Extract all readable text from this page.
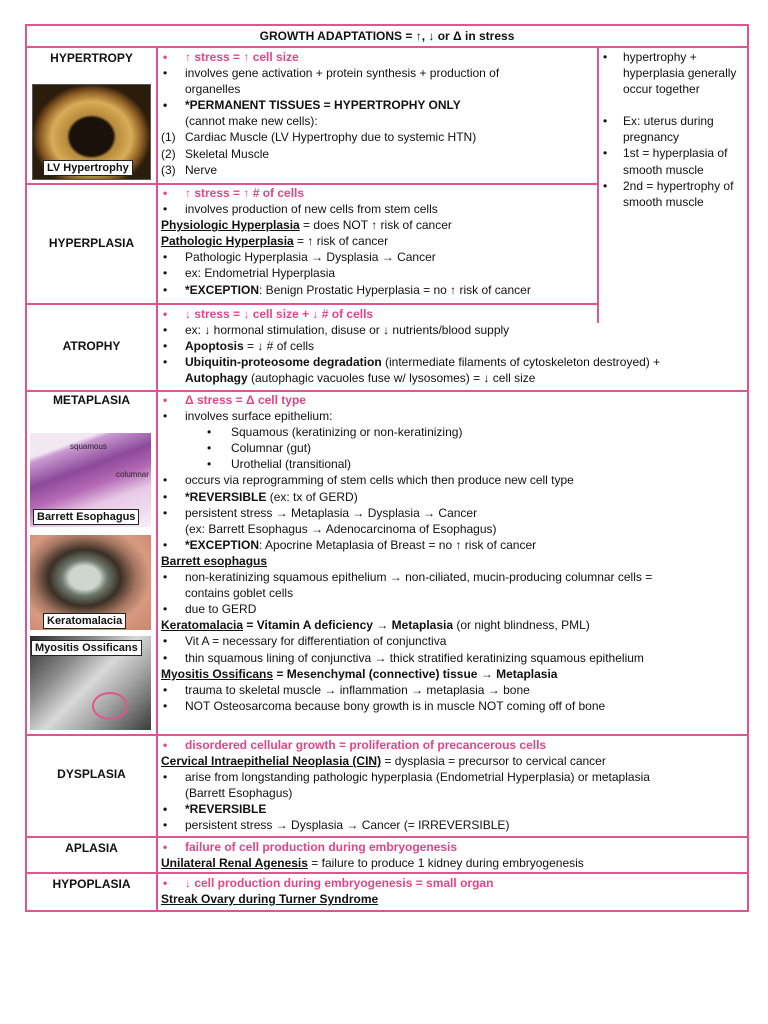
GROWTH ADAPTATIONS = ↑, ↓ or Δ in stress
• hypertrophy + hyperplasia generally occur together
• Ex: uterus during pregnancy
• 1st = hyperplasia of smooth muscle
• 2nd = hypertrophy of smooth muscle
HYPERTROPY
LV Hypertrophy
• ↑ stress = ↑ cell size
• involves gene activation + protein synthesis + production of
organelles
• *PERMANENT TISSUES = HYPERTROPHY ONLY
(cannot make new cells):
(1) Cardiac Muscle (LV Hypertrophy due to systemic HTN)
(2) Skeletal Muscle
(3) Nerve
HYPERPLASIA
• ↑ stress = ↑ # of cells
• involves production of new cells from stem cells
Physiologic Hyperplasia = does NOT ↑ risk of cancer
Pathologic Hyperplasia = ↑ risk of cancer
• Pathologic Hyperplasia → Dysplasia → Cancer
• ex: Endometrial Hyperplasia
• *EXCEPTION: Benign Prostatic Hyperplasia = no ↑ risk of cancer
ATROPHY
• ↓ stress = ↓ cell size + ↓ # of cells
• ex: ↓ hormonal stimulation, disuse or ↓ nutrients/blood supply
• Apoptosis = ↓ # of cells
• Ubiquitin-proteosome degradation (intermediate filaments of cytoskeleton destroyed) +
Autophagy (autophagic vacuoles fuse w/ lysosomes) = ↓ cell size
METAPLASIA
squamous
columnar
Barrett Esophagus
Keratomalacia
Myositis Ossificans
• Δ stress = Δ cell type
• involves surface epithelium:
• Squamous (keratinizing or non-keratinizing)
• Columnar (gut)
• Urothelial (transitional)
• occurs via reprogramming of stem cells which then produce new cell type
• *REVERSIBLE (ex: tx of GERD)
• persistent stress → Metaplasia → Dysplasia → Cancer
(ex: Barrett Esophagus → Adenocarcinoma of Esophagus)
• *EXCEPTION: Apocrine Metaplasia of Breast = no ↑ risk of cancer
Barrett esophagus
• non-keratinizing squamous epithelium → non-ciliated, mucin-producing columnar cells =
contains goblet cells
• due to GERD
Keratomalacia = Vitamin A deficiency → Metaplasia (or night blindness, PML)
• Vit A = necessary for differentiation of conjunctiva
• thin squamous lining of conjunctiva → thick stratified keratinizing squamous epithelium
Myositis Ossificans = Mesenchymal (connective) tissue → Metaplasia
• trauma to skeletal muscle → inflammation → metaplasia → bone
• NOT Osteosarcoma because bony growth is in muscle NOT coming off of bone
DYSPLASIA
• disordered cellular growth = proliferation of precancerous cells
Cervical Intraepithelial Neoplasia (CIN) = dysplasia = precursor to cervical cancer
• arise from longstanding pathologic hyperplasia (Endometrial Hyperplasia) or metaplasia
(Barrett Esophagus)
• *REVERSIBLE
• persistent stress → Dysplasia → Cancer (= IRREVERSIBLE)
APLASIA	• failure of cell production during embryogenesis
Unilateral Renal Agenesis = failure to produce 1 kidney during embryogenesis
HYPOPLASIA	• ↓ cell production during embryogenesis = small organ
Streak Ovary during Turner Syndrome
